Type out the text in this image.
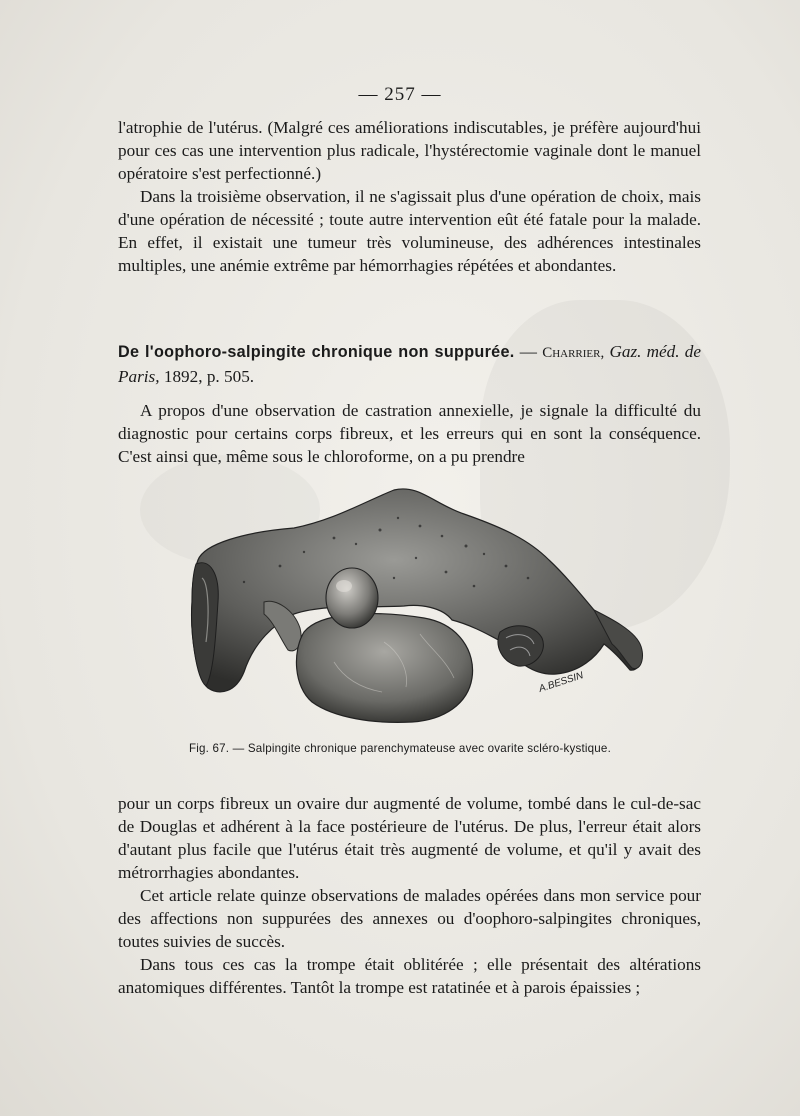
— 257 —

l'atrophie de l'utérus. (Malgré ces améliorations indiscutables, je préfère aujourd'hui pour ces cas une intervention plus radicale, l'hystérectomie vaginale dont le manuel opératoire s'est perfectionné.)

Dans la troisième observation, il ne s'agissait plus d'une opération de choix, mais d'une opération de nécessité ; toute autre intervention eût été fatale pour la malade. En effet, il existait une tumeur très volumineuse, des adhérences intestinales multiples, une anémie extrême par hémorrhagies répétées et abondantes.

De l'oophoro-salpingite chronique non suppurée. — Charrier, Gaz. méd. de Paris, 1892, p. 505.

A propos d'une observation de castration annexielle, je signale la difficulté du diagnostic pour certains corps fibreux, et les erreurs qui en sont la conséquence. C'est ainsi que, même sous le chloroforme, on a pu prendre

A.BESSIN
Fig. 67. — Salpingite chronique parenchymateuse avec ovarite scléro-kystique.

pour un corps fibreux un ovaire dur augmenté de volume, tombé dans le cul-de-sac de Douglas et adhérent à la face postérieure de l'utérus. De plus, l'erreur était alors d'autant plus facile que l'utérus était très augmenté de volume, et qu'il y avait des métrorrhagies abondantes.

Cet article relate quinze observations de malades opérées dans mon service pour des affections non suppurées des annexes ou d'oophoro-salpingites chroniques, toutes suivies de succès.

Dans tous ces cas la trompe était oblitérée ; elle présentait des altérations anatomiques différentes. Tantôt la trompe est ratatinée et à parois épaissies ;
